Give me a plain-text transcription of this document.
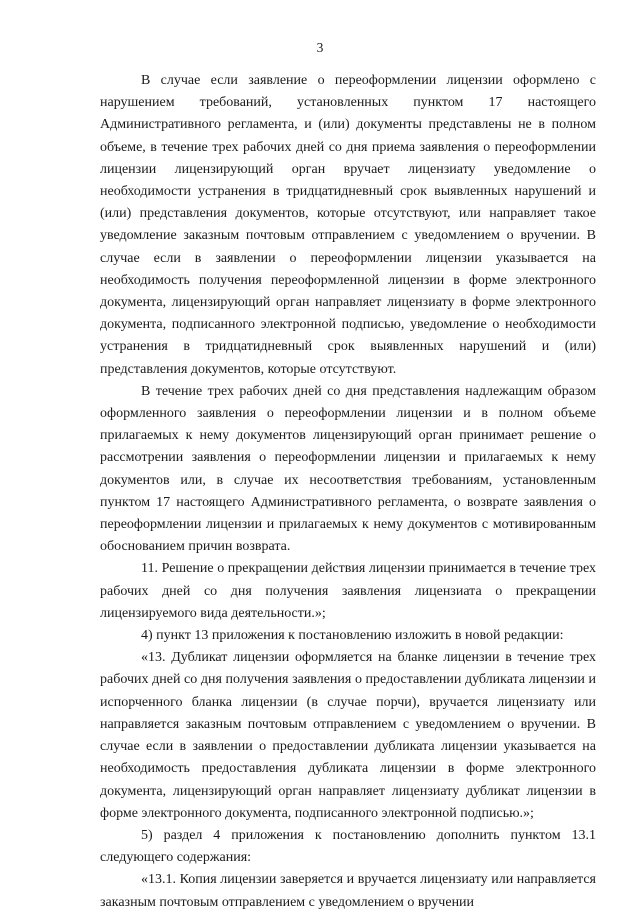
3

В случае если заявление о переоформлении лицензии оформлено с нарушением требований, установленных пунктом 17 настоящего Административного регламента, и (или) документы представлены не в полном объеме, в течение трех рабочих дней со дня приема заявления о переоформлении лицензии лицензирующий орган вручает лицензиату уведомление о необходимости устранения в тридцатидневный срок выявленных нарушений и (или) представления документов, которые отсутствуют, или направляет такое уведомление заказным почтовым отправлением с уведомлением о вручении. В случае если в заявлении о переоформлении лицензии указывается на необходимость получения переоформленной лицензии в форме электронного документа, лицензирующий орган направляет лицензиату в форме электронного документа, подписанного электронной подписью, уведомление о необходимости устранения в тридцатидневный срок выявленных нарушений и (или) представления документов, которые отсутствуют.

В течение трех рабочих дней со дня представления надлежащим образом оформленного заявления о переоформлении лицензии и в полном объеме прилагаемых к нему документов лицензирующий орган принимает решение о рассмотрении заявления о переоформлении лицензии и прилагаемых к нему документов или, в случае их несоответствия требованиям, установленным пунктом 17 настоящего Административного регламента, о возврате заявления о переоформлении лицензии и прилагаемых к нему документов с мотивированным обоснованием причин возврата.

11. Решение о прекращении действия лицензии принимается в течение трех рабочих дней со дня получения заявления лицензиата о прекращении лицензируемого вида деятельности.»;

4) пункт 13 приложения к постановлению изложить в новой редакции:

«13. Дубликат лицензии оформляется на бланке лицензии в течение трех рабочих дней со дня получения заявления о предоставлении дубликата лицензии и испорченного бланка лицензии (в случае порчи), вручается лицензиату или направляется заказным почтовым отправлением с уведомлением о вручении. В случае если в заявлении о предоставлении дубликата лицензии указывается на необходимость предоставления дубликата лицензии в форме электронного документа, лицензирующий орган направляет лицензиату дубликат лицензии в форме электронного документа, подписанного электронной подписью.»;

5) раздел 4 приложения к постановлению дополнить пунктом 13.1 следующего содержания:

«13.1. Копия лицензии заверяется и вручается лицензиату или направляется заказным почтовым отправлением с уведомлением о вручении
